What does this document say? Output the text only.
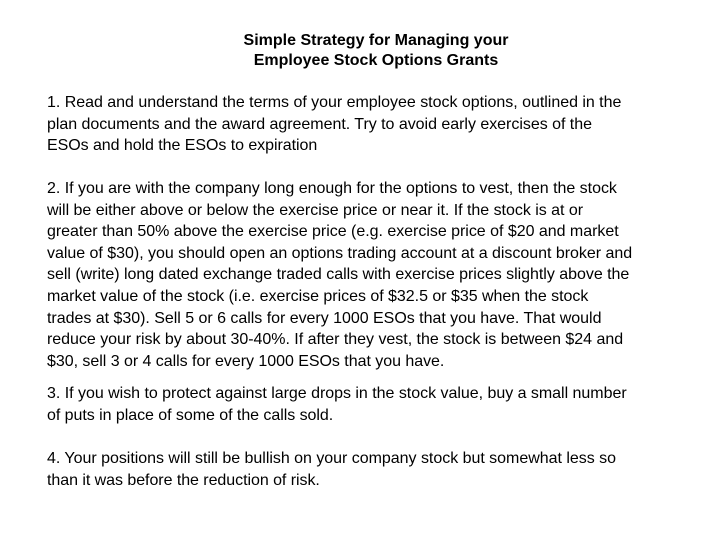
Simple Strategy for Managing your
Employee Stock Options Grants
1. Read and understand the terms of your employee stock options, outlined in the
plan documents and the award agreement. Try to avoid early exercises of the
ESOs and hold the ESOs to expiration
2. If you are with the company long enough for the options to vest, then the stock
will be either above or below the exercise price or near it. If the stock is at or
greater than 50% above the exercise price (e.g. exercise price of $20 and market
value of $30), you should open an options trading account at a discount broker and
sell (write) long dated exchange traded calls with exercise prices slightly above the
market value of the stock (i.e. exercise prices of $32.5 or $35 when the stock
trades at $30). Sell 5 or 6 calls for every 1000 ESOs that you have. That would
reduce your risk by about 30-40%. If after they vest, the stock is between $24 and
$30, sell 3 or 4 calls for every 1000 ESOs that you have.
3. If you wish to protect against large drops in the stock value, buy a small number
of puts in place of some of the calls sold.
4. Your positions will still be bullish on your company stock but somewhat less so
than it was before the reduction of risk.
